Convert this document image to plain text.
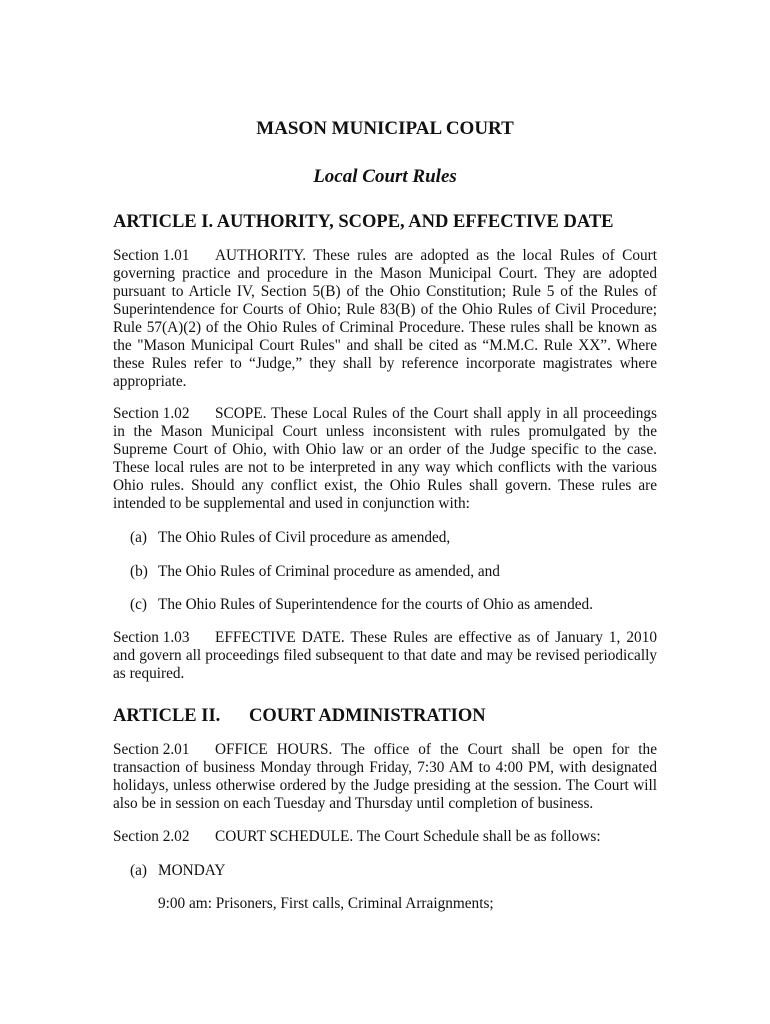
MASON MUNICIPAL COURT
Local Court Rules
ARTICLE I. AUTHORITY, SCOPE, AND EFFECTIVE DATE
Section 1.01 AUTHORITY. These rules are adopted as the local Rules of Court governing practice and procedure in the Mason Municipal Court. They are adopted pursuant to Article IV, Section 5(B) of the Ohio Constitution; Rule 5 of the Rules of Superintendence for Courts of Ohio; Rule 83(B) of the Ohio Rules of Civil Procedure; Rule 57(A)(2) of the Ohio Rules of Criminal Procedure. These rules shall be known as the "Mason Municipal Court Rules" and shall be cited as “M.M.C. Rule XX”. Where these Rules refer to “Judge,” they shall by reference incorporate magistrates where appropriate.
Section 1.02 SCOPE. These Local Rules of the Court shall apply in all proceedings in the Mason Municipal Court unless inconsistent with rules promulgated by the Supreme Court of Ohio, with Ohio law or an order of the Judge specific to the case. These local rules are not to be interpreted in any way which conflicts with the various Ohio rules. Should any conflict exist, the Ohio Rules shall govern. These rules are intended to be supplemental and used in conjunction with:
(a) The Ohio Rules of Civil procedure as amended,
(b) The Ohio Rules of Criminal procedure as amended, and
(c) The Ohio Rules of Superintendence for the courts of Ohio as amended.
Section 1.03 EFFECTIVE DATE. These Rules are effective as of January 1, 2010 and govern all proceedings filed subsequent to that date and may be revised periodically as required.
ARTICLE II. COURT ADMINISTRATION
Section 2.01 OFFICE HOURS. The office of the Court shall be open for the transaction of business Monday through Friday, 7:30 AM to 4:00 PM, with designated holidays, unless otherwise ordered by the Judge presiding at the session. The Court will also be in session on each Tuesday and Thursday until completion of business.
Section 2.02 COURT SCHEDULE. The Court Schedule shall be as follows:
(a) MONDAY
9:00 am: Prisoners, First calls, Criminal Arraignments;
